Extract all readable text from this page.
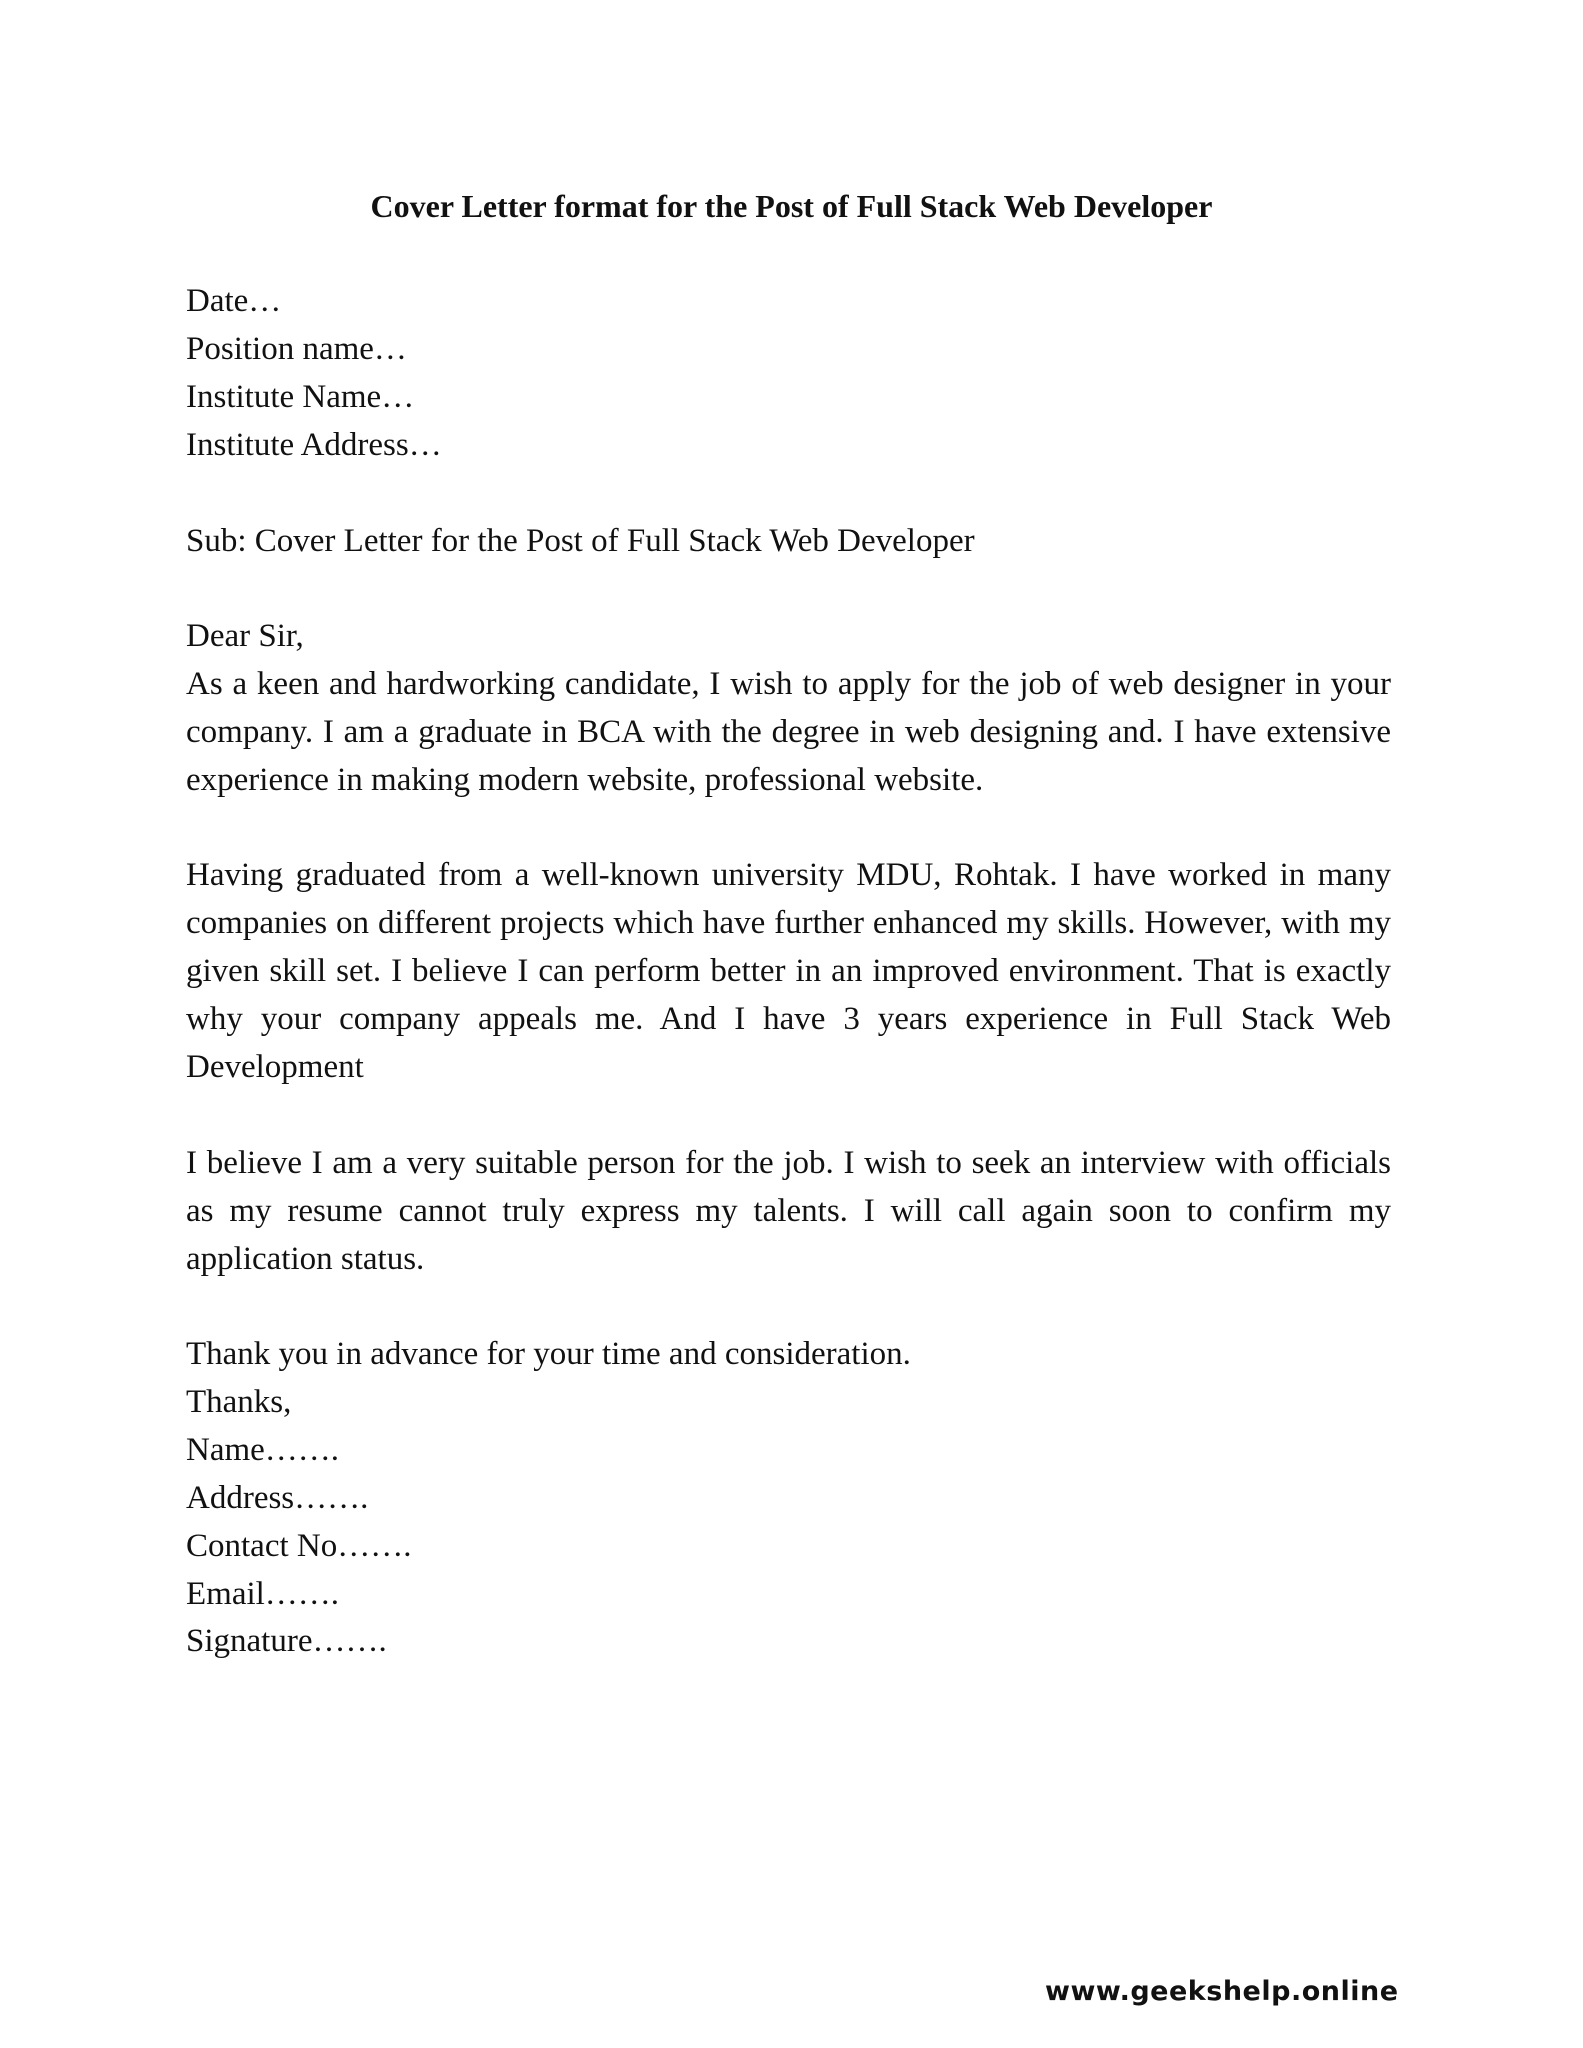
Cover Letter format for the Post of Full Stack Web Developer
Date…
Position name…
Institute Name…
Institute Address…
Sub: Cover Letter for the Post of Full Stack Web Developer
Dear Sir,

As a keen and hardworking candidate, I wish to apply for the job of web designer in your company. I am a graduate in BCA with the degree in web designing and. I have extensive experience in making modern website, professional website.

Having graduated from a well-known university MDU, Rohtak. I have worked in many companies on different projects which have further enhanced my skills. However, with my given skill set. I believe I can perform better in an improved environment. That is exactly why your company appeals me. And I have 3 years experience in Full Stack Web Development

I believe I am a very suitable person for the job. I wish to seek an interview with officials as my resume cannot truly express my talents. I will call again soon to confirm my application status.

Thank you in advance for your time and consideration.
Thanks,
Name…….
Address…….
Contact No…….
Email…….
Signature…….
www.geekshelp.online
